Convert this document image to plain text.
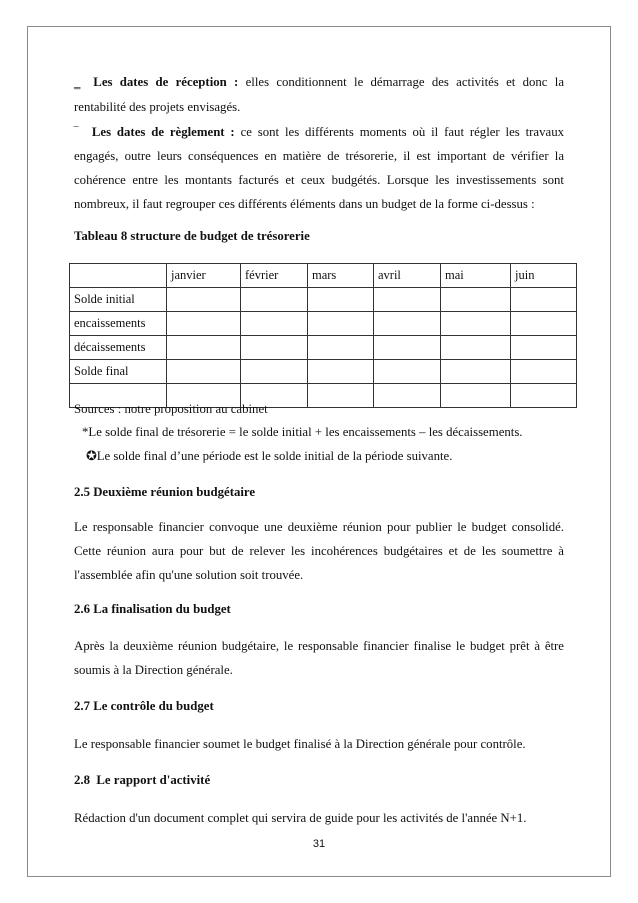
‗ Les dates de réception : elles conditionnent le démarrage des activités et donc la
rentabilité des projets envisagés.
‾ Les dates de règlement : ce sont les différents moments où il faut régler les travaux
engagés, outre leurs conséquences en matière de trésorerie, il est important de vérifier la
cohérence entre les montants facturés et ceux budgétés. Lorsque les investissements sont
nombreux, il faut regrouper ces différents éléments dans un budget de la forme ci-dessus :
Tableau 8 structure de budget de trésorerie
	janvier	février	mars	avril	mai	juin
Solde initial						
encaissements						
décaissements						
Solde final						

Sources : notre proposition au cabinet
*Le solde final de trésorerie = le solde initial + les encaissements – les décaissements.
✪Le solde final d’une période est le solde initial de la période suivante.
2.5 Deuxième réunion budgétaire
Le responsable financier convoque une deuxième réunion pour publier le budget consolidé.
Cette réunion aura pour but de relever les incohérences budgétaires et de les soumettre à
l'assemblée afin qu'une solution soit trouvée.
2.6 La finalisation du budget
Après la deuxième réunion budgétaire, le responsable financier finalise le budget prêt à être
soumis à la Direction générale.
2.7 Le contrôle du budget
Le responsable financier soumet le budget finalisé à la Direction générale pour contrôle.
2.8  Le rapport d'activité
Rédaction d'un document complet qui servira de guide pour les activités de l'année N+1.
31
